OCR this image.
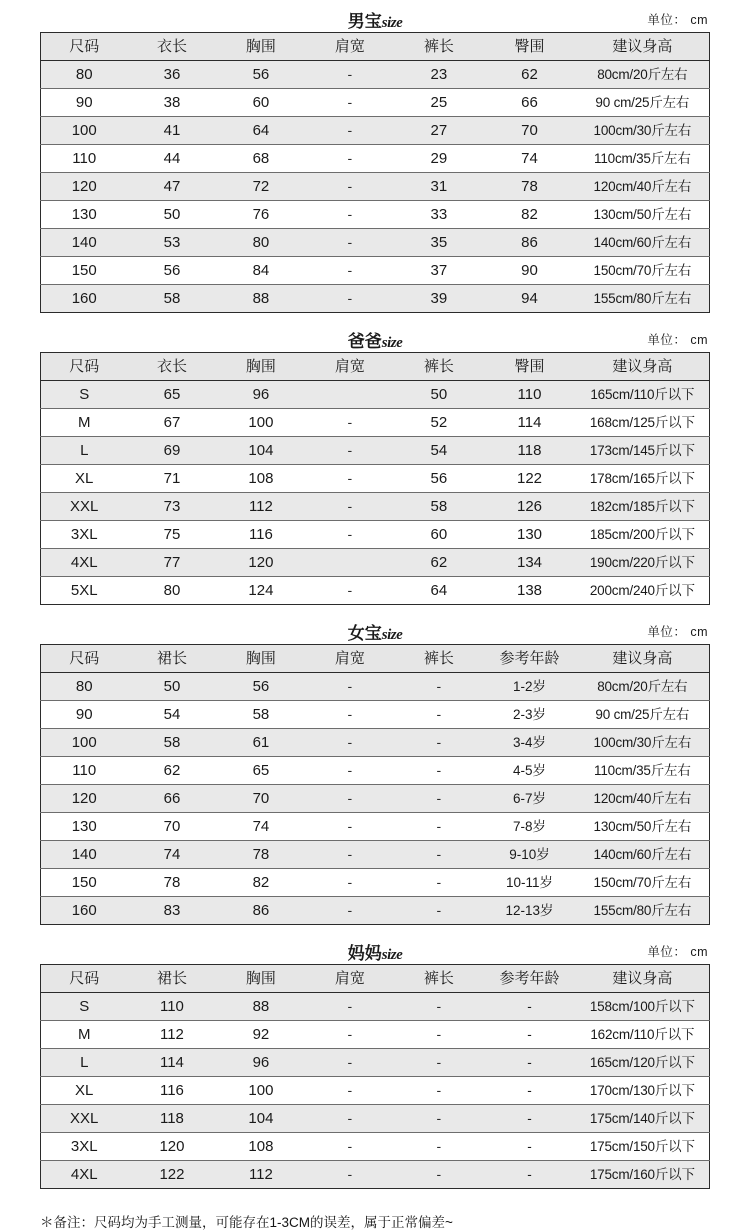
男宝size	单位： cm
尺码	衣长	胸围	肩宽	裤长	臀围	建议身高
80	36	56	-	23	62	80cm/20斤左右
90	38	60	-	25	66	90 cm/25斤左右
100	41	64	-	27	70	100cm/30斤左右
110	44	68	-	29	74	110cm/35斤左右
120	47	72	-	31	78	120cm/40斤左右
130	50	76	-	33	82	130cm/50斤左右
140	53	80	-	35	86	140cm/60斤左右
150	56	84	-	37	90	150cm/70斤左右
160	58	88	-	39	94	155cm/80斤左右
爸爸size	单位： cm
尺码	衣长	胸围	肩宽	裤长	臀围	建议身高
S	65	96		50	110	165cm/110斤以下
M	67	100	-	52	114	168cm/125斤以下
L	69	104	-	54	118	173cm/145斤以下
XL	71	108	-	56	122	178cm/165斤以下
XXL	73	112	-	58	126	182cm/185斤以下
3XL	75	116	-	60	130	185cm/200斤以下
4XL	77	120		62	134	190cm/220斤以下
5XL	80	124	-	64	138	200cm/240斤以下
女宝size	单位： cm
尺码	裙长	胸围	肩宽	裤长	参考年龄	建议身高
80	50	56	-	-	1-2岁	80cm/20斤左右
90	54	58	-	-	2-3岁	90 cm/25斤左右
100	58	61	-	-	3-4岁	100cm/30斤左右
110	62	65	-	-	4-5岁	110cm/35斤左右
120	66	70	-	-	6-7岁	120cm/40斤左右
130	70	74	-	-	7-8岁	130cm/50斤左右
140	74	78	-	-	9-10岁	140cm/60斤左右
150	78	82	-	-	10-11岁	150cm/70斤左右
160	83	86	-	-	12-13岁	155cm/80斤左右
妈妈size	单位： cm
尺码	裙长	胸围	肩宽	裤长	参考年龄	建议身高
S	110	88	-	-	-	158cm/100斤以下
M	112	92	-	-	-	162cm/110斤以下
L	114	96	-	-	-	165cm/120斤以下
XL	116	100	-	-	-	170cm/130斤以下
XXL	118	104	-	-	-	175cm/140斤以下
3XL	120	108	-	-	-	175cm/150斤以下
4XL	122	112	-	-	-	175cm/160斤以下
＊备注：尺码均为手工测量，可能存在1-3CM的误差，属于正常偏差~
